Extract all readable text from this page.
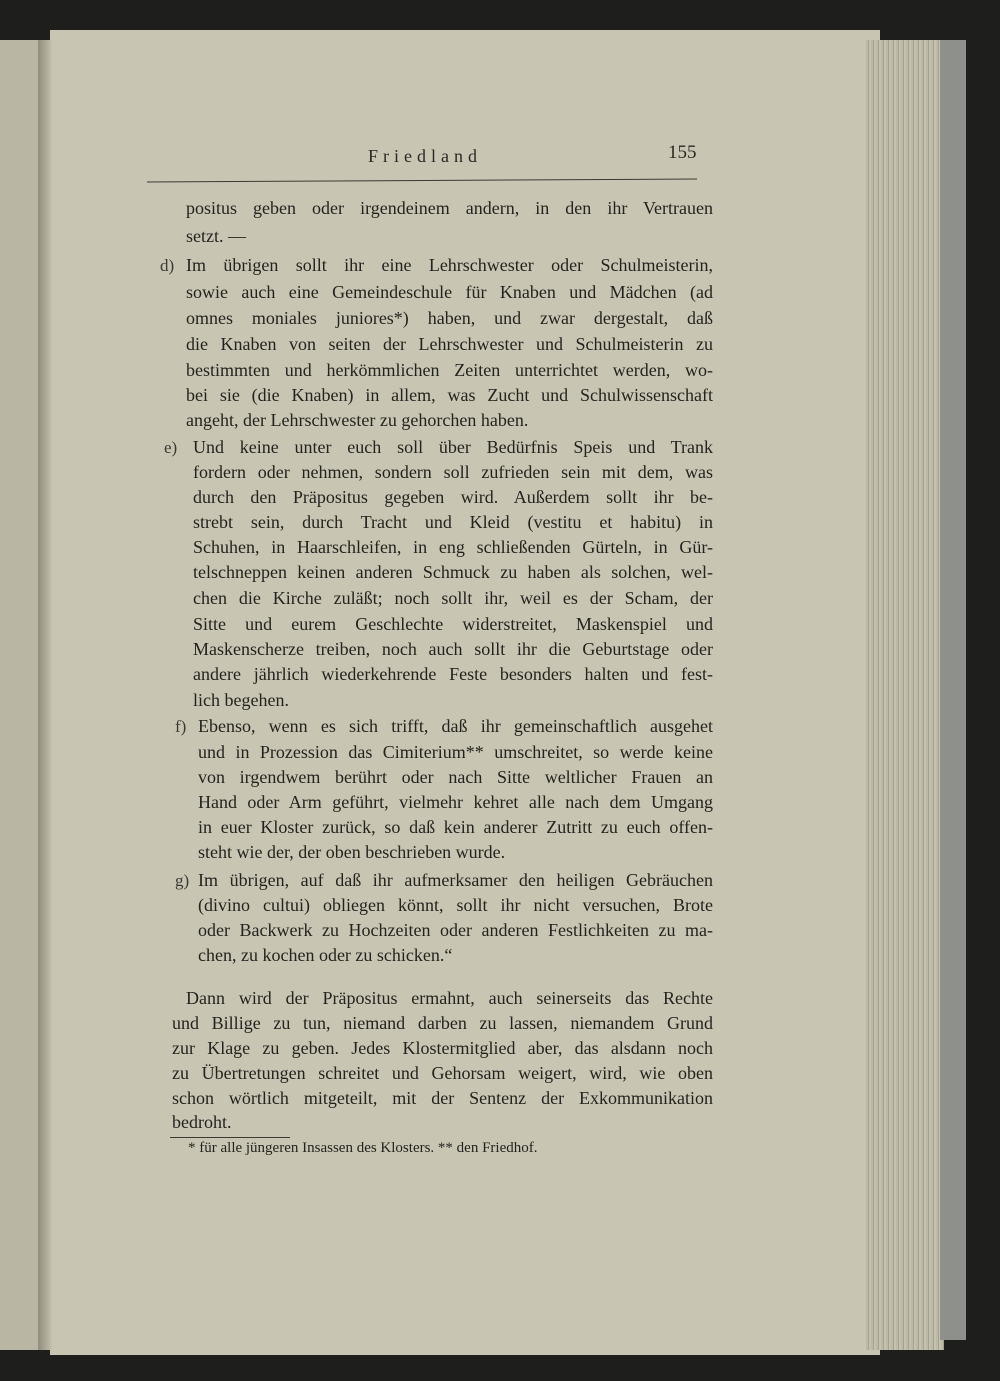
Friedland	155
positus geben oder irgendeinem andern, in den ihr Vertrauen
setzt. —
d) Im übrigen sollt ihr eine Lehrschwester oder Schulmeisterin,
sowie auch eine Gemeindeschule für Knaben und Mädchen (ad
omnes moniales juniores*) haben, und zwar dergestalt, daß
die Knaben von seiten der Lehrschwester und Schulmeisterin zu
bestimmten und herkömmlichen Zeiten unterrichtet werden, wo-
bei sie (die Knaben) in allem, was Zucht und Schulwissenschaft
angeht, der Lehrschwester zu gehorchen haben.
e) Und keine unter euch soll über Bedürfnis Speis und Trank
fordern oder nehmen, sondern soll zufrieden sein mit dem, was
durch den Präpositus gegeben wird. Außerdem sollt ihr be-
strebt sein, durch Tracht und Kleid (vestitu et habitu) in
Schuhen, in Haarschleifen, in eng schließenden Gürteln, in Gür-
telschneppen keinen anderen Schmuck zu haben als solchen, wel-
chen die Kirche zuläßt; noch sollt ihr, weil es der Scham, der
Sitte und eurem Geschlechte widerstreitet, Maskenspiel und
Maskenscherze treiben, noch auch sollt ihr die Geburtstage oder
andere jährlich wiederkehrende Feste besonders halten und fest-
lich begehen.
f) Ebenso, wenn es sich trifft, daß ihr gemeinschaftlich ausgehet
und in Prozession das Cimiterium** umschreitet, so werde keine
von irgendwem berührt oder nach Sitte weltlicher Frauen an
Hand oder Arm geführt, vielmehr kehret alle nach dem Umgang
in euer Kloster zurück, so daß kein anderer Zutritt zu euch offen-
steht wie der, der oben beschrieben wurde.
g) Im übrigen, auf daß ihr aufmerksamer den heiligen Gebräuchen
(divino cultui) obliegen könnt, sollt ihr nicht versuchen, Brote
oder Backwerk zu Hochzeiten oder anderen Festlichkeiten zu ma-
chen, zu kochen oder zu schicken.“
Dann wird der Präpositus ermahnt, auch seinerseits das Rechte
und Billige zu tun, niemand darben zu lassen, niemandem Grund
zur Klage zu geben. Jedes Klostermitglied aber, das alsdann noch
zu Übertretungen schreitet und Gehorsam weigert, wird, wie oben
schon wörtlich mitgeteilt, mit der Sentenz der Exkommunikation
bedroht.
* für alle jüngeren Insassen des Klosters. ** den Friedhof.
